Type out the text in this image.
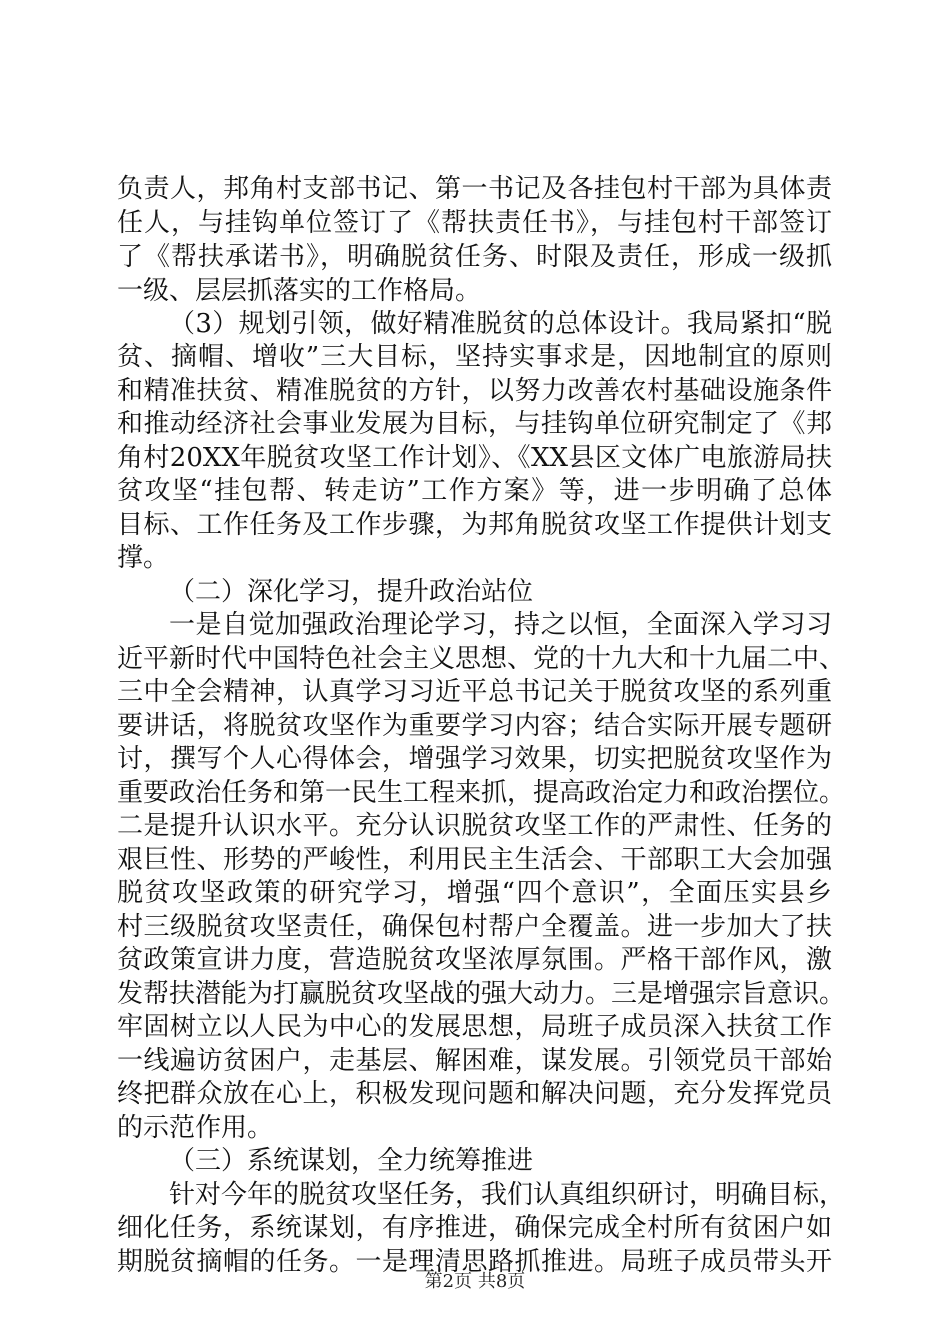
负责人，邦角村支部书记、第一书记及各挂包村干部为具体责
任人，与挂钩单位签订了《帮扶责任书》，与挂包村干部签订
了《帮扶承诺书》，明确脱贫任务、时限及责任，形成一级抓
一级、层层抓落实的工作格局。
（3）规划引领，做好精准脱贫的总体设计。我局紧扣“脱
贫、摘帽、增收”三大目标，坚持实事求是，因地制宜的原则
和精准扶贫、精准脱贫的方针，以努力改善农村基础设施条件
和推动经济社会事业发展为目标，与挂钩单位研究制定了《邦
角村20XX年脱贫攻坚工作计划》、《XX县区文体广电旅游局扶
贫攻坚“挂包帮、转走访”工作方案》等，进一步明确了总体
目标、工作任务及工作步骤，为邦角脱贫攻坚工作提供计划支
撑。
（二）深化学习，提升政治站位
一是自觉加强政治理论学习，持之以恒，全面深入学习习
近平新时代中国特色社会主义思想、党的十九大和十九届二中、
三中全会精神，认真学习习近平总书记关于脱贫攻坚的系列重
要讲话，将脱贫攻坚作为重要学习内容；结合实际开展专题研
讨，撰写个人心得体会，增强学习效果，切实把脱贫攻坚作为
重要政治任务和第一民生工程来抓，提高政治定力和政治摆位。
二是提升认识水平。充分认识脱贫攻坚工作的严肃性、任务的
艰巨性、形势的严峻性，利用民主生活会、干部职工大会加强
脱贫攻坚政策的研究学习，增强“四个意识”，全面压实县乡
村三级脱贫攻坚责任，确保包村帮户全覆盖。进一步加大了扶
贫政策宣讲力度，营造脱贫攻坚浓厚氛围。严格干部作风，激
发帮扶潜能为打赢脱贫攻坚战的强大动力。三是增强宗旨意识。
牢固树立以人民为中心的发展思想，局班子成员深入扶贫工作
一线遍访贫困户，走基层、解困难，谋发展。引领党员干部始
终把群众放在心上，积极发现问题和解决问题，充分发挥党员
的示范作用。
（三）系统谋划，全力统筹推进
针对今年的脱贫攻坚任务，我们认真组织研讨，明确目标，
细化任务，系统谋划，有序推进，确保完成全村所有贫困户如
期脱贫摘帽的任务。一是理清思路抓推进。局班子成员带头开
第2页 共8页
